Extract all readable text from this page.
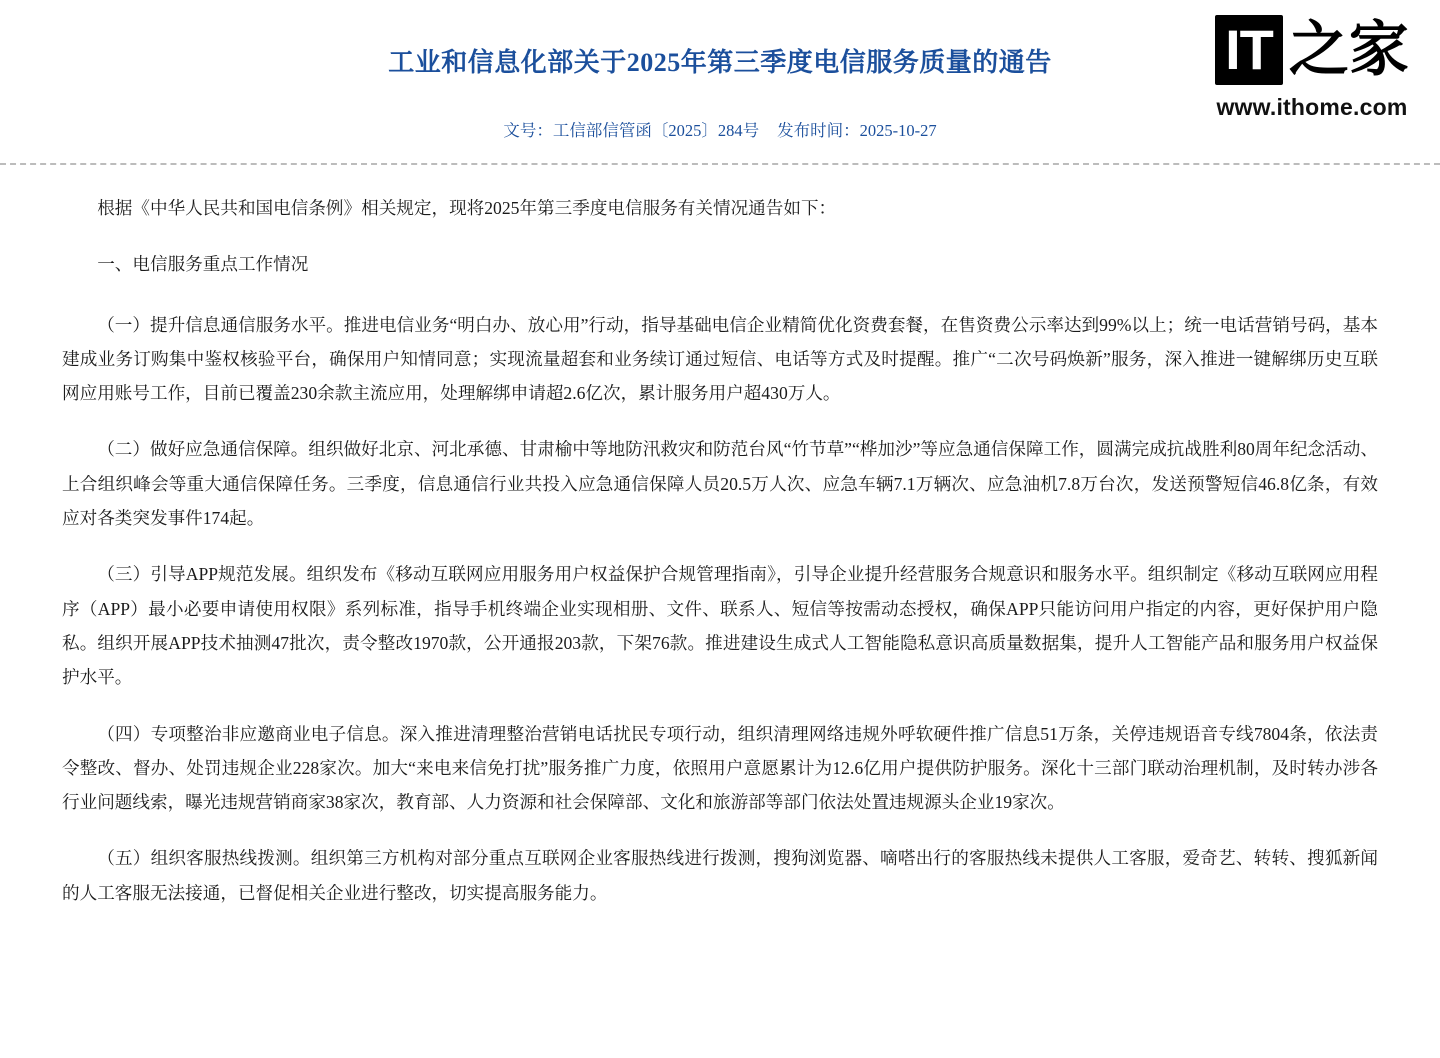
IT 之家
www.ithome.com
工业和信息化部关于2025年第三季度电信服务质量的通告
文号：工信部信管函〔2025〕284号 发布时间：2025-10-27

根据《中华人民共和国电信条例》相关规定，现将2025年第三季度电信服务有关情况通告如下：

一、电信服务重点工作情况

（一）提升信息通信服务水平。推进电信业务“明白办、放心用”行动，指导基础电信企业精简优化资费套餐，在售资费公示率达到99%以上；统一电话营销号码，基本建成业务订购集中鉴权核验平台，确保用户知情同意；实现流量超套和业务续订通过短信、电话等方式及时提醒。推广“二次号码焕新”服务，深入推进一键解绑历史互联网应用账号工作，目前已覆盖230余款主流应用，处理解绑申请超2.6亿次，累计服务用户超430万人。

（二）做好应急通信保障。组织做好北京、河北承德、甘肃榆中等地防汛救灾和防范台风“竹节草”“桦加沙”等应急通信保障工作，圆满完成抗战胜利80周年纪念活动、上合组织峰会等重大通信保障任务。三季度，信息通信行业共投入应急通信保障人员20.5万人次、应急车辆7.1万辆次、应急油机7.8万台次，发送预警短信46.8亿条，有效应对各类突发事件174起。

（三）引导APP规范发展。组织发布《移动互联网应用服务用户权益保护合规管理指南》，引导企业提升经营服务合规意识和服务水平。组织制定《移动互联网应用程序（APP）最小必要申请使用权限》系列标准，指导手机终端企业实现相册、文件、联系人、短信等按需动态授权，确保APP只能访问用户指定的内容，更好保护用户隐私。组织开展APP技术抽测47批次，责令整改1970款，公开通报203款，下架76款。推进建设生成式人工智能隐私意识高质量数据集，提升人工智能产品和服务用户权益保护水平。

（四）专项整治非应邀商业电子信息。深入推进清理整治营销电话扰民专项行动，组织清理网络违规外呼软硬件推广信息51万条，关停违规语音专线7804条，依法责令整改、督办、处罚违规企业228家次。加大“来电来信免打扰”服务推广力度，依照用户意愿累计为12.6亿用户提供防护服务。深化十三部门联动治理机制，及时转办涉各行业问题线索，曝光违规营销商家38家次，教育部、人力资源和社会保障部、文化和旅游部等部门依法处置违规源头企业19家次。

（五）组织客服热线拨测。组织第三方机构对部分重点互联网企业客服热线进行拨测，搜狗浏览器、嘀嗒出行的客服热线未提供人工客服，爱奇艺、转转、搜狐新闻的人工客服无法接通，已督促相关企业进行整改，切实提高服务能力。
